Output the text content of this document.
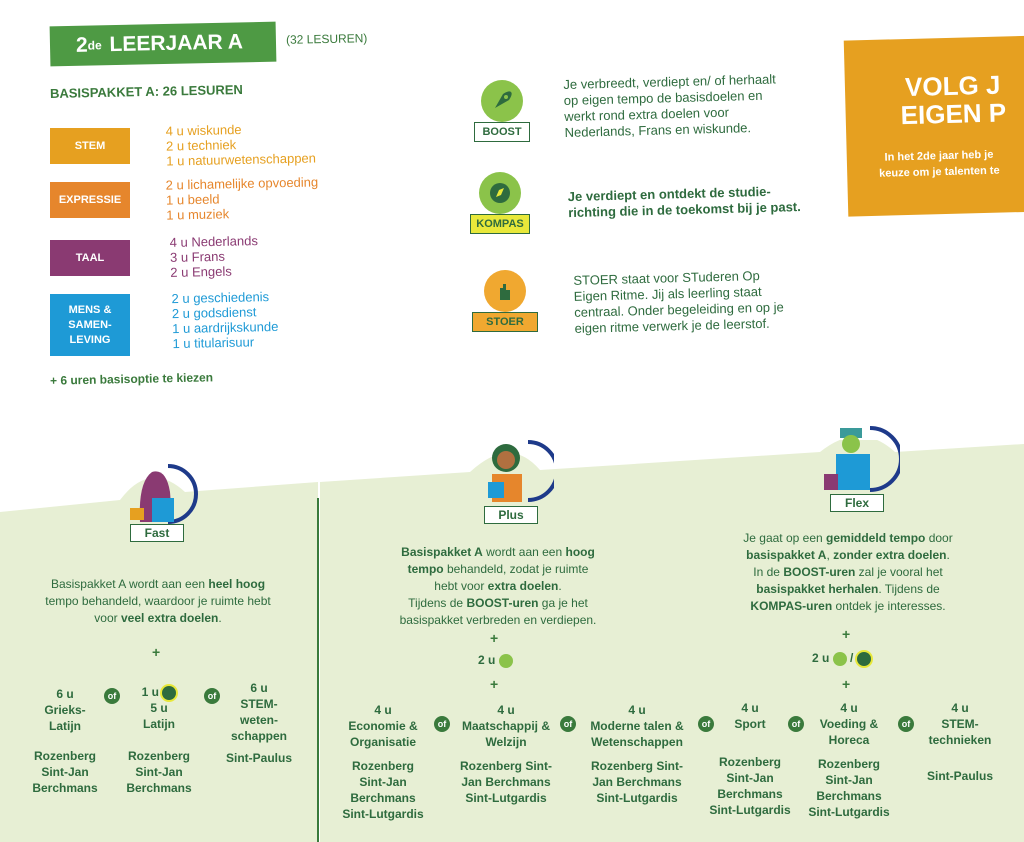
2 de
LEERJAAR A	(32 LESUREN)
BASISPAKKET A: 26 LESUREN
STEM
4 u wiskunde
2 u techniek
1 u natuurwetenschappen
EXPRESSIE
2 u lichamelijke opvoeding
1 u beeld
1 u muziek
TAAL
4 u Nederlands
3 u Frans
2 u Engels
MENS & SAMEN- LEVING
2 u geschiedenis
2 u godsdienst
1 u aardrijkskunde
1 u titularisuur
+ 6 uren basisoptie te kiezen
BOOST
Je verbreedt, verdiept en/ of herhaalt op eigen tempo de basisdoelen en werkt rond extra doelen voor Nederlands, Frans en wiskunde.
KOMPAS
Je verdiept en ontdekt de studie- richting die in de toekomst bij je past.
STOER
STOER staat voor STuderen Op Eigen Ritme. Jij als leerling staat centraal. Onder begeleiding en op je eigen ritme verwerk je de leerstof.
VOLG J
EIGEN P
In het 2de jaar heb je
keuze om je talenten te
Fast
Basispakket A wordt aan een heel hoog tempo behandeld, waardoor je ruimte hebt voor veel extra doelen.
+
6 u
Grieks- Latijn
Rozenberg Sint-Jan Berchmans
of	1 u
5 u
Latijn
Rozenberg Sint-Jan Berchmans
of
6 u
STEM- weten- schappen
Sint-Paulus
Plus
Basispakket A wordt aan een hoog
tempo behandeld, zodat je ruimte
hebt voor extra doelen.
Tijdens de BOOST-uren ga je het
basispakket verbreden en verdiepen.
+
2 u
+
Flex
Je gaat op een gemiddeld tempo door
basispakket A, zonder extra doelen.
In de BOOST-uren zal je vooral het
basispakket herhalen. Tijdens de
KOMPAS-uren ontdek je interesses.
+
2 u /
+
4 u
Economie & Organisatie
Rozenberg Sint-Jan Berchmans Sint-Lutgardis
of
4 u
Maatschappij & Welzijn
Rozenberg Sint-Jan Berchmans Sint-Lutgardis
of
4 u
Moderne talen & Wetenschappen
Rozenberg Sint-Jan Berchmans Sint-Lutgardis
of
4 u
Sport
Rozenberg Sint-Jan Berchmans Sint-Lutgardis
of
4 u
Voeding & Horeca
Rozenberg Sint-Jan Berchmans Sint-Lutgardis
of
4 u
STEM- technieken
Sint-Paulus
